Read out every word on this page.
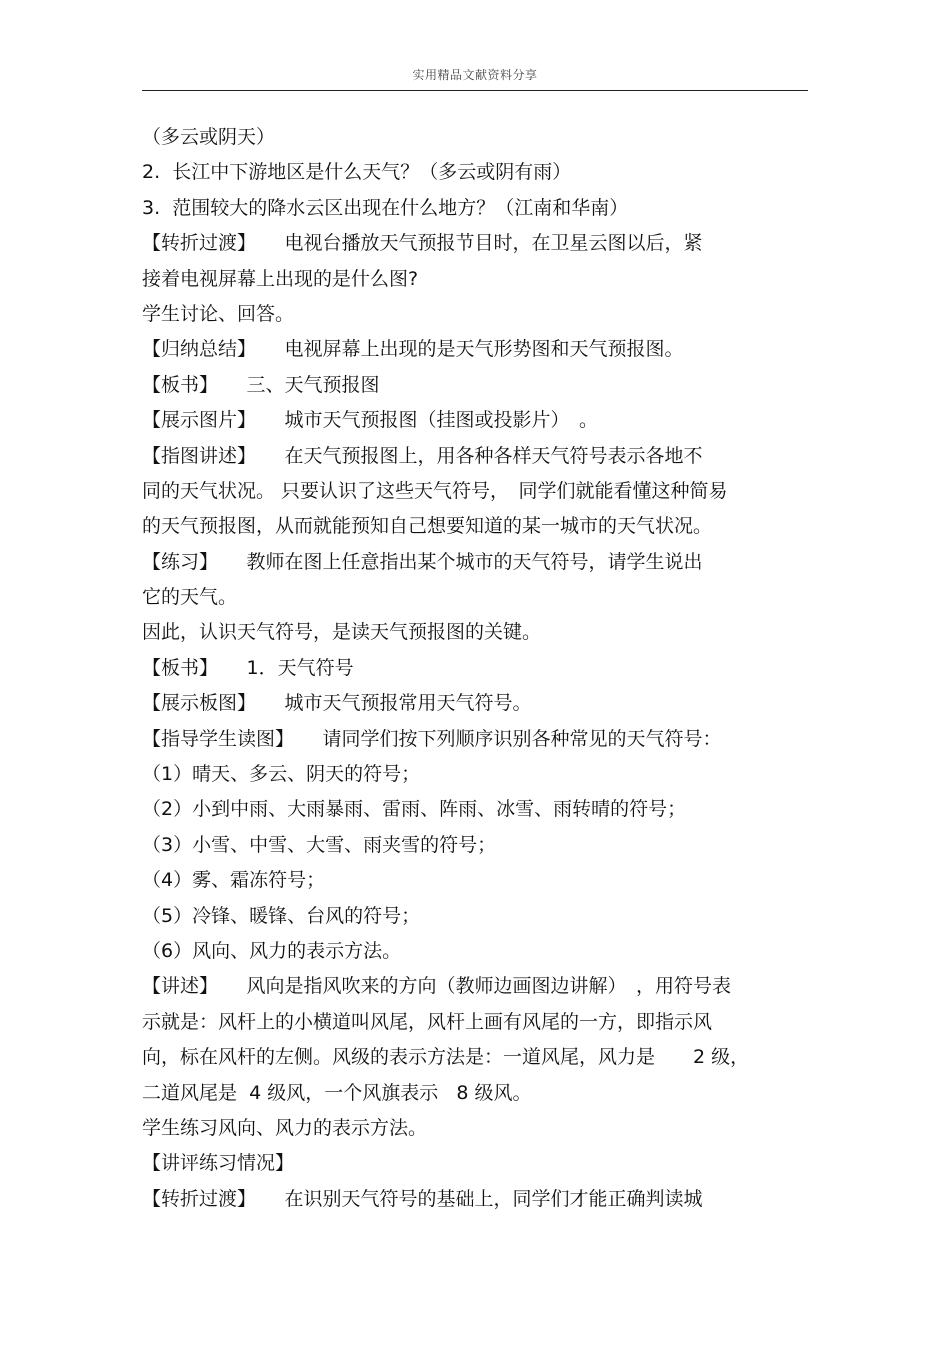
实用精品文献资料分享
（多云或阴天）
2.  长江中下游地区是什么天气？（多云或阴有雨）
3.  范围较大的降水云区出现在什么地方？（江南和华南）
【转折过渡】　　电视台播放天气预报节目时，在卫星云图以后，紧
接着电视屏幕上出现的是什么图?
学生讨论、回答。
【归纳总结】　　电视屏幕上出现的是天气形势图和天气预报图。
【板书】　　三、天气预报图
【展示图片】　　城市天气预报图（挂图或投影片）　。
【指图讲述】　　在天气预报图上，用各种各样天气符号表示各地不
同的天气状况。 只要认识了这些天气符号，　同学们就能看懂这种简易
的天气预报图，从而就能预知自己想要知道的某一城市的天气状况。
【练习】　　教师在图上任意指出某个城市的天气符号，请学生说出
它的天气。
因此，认识天气符号，是读天气预报图的关键。
【板书】　　1．天气符号
【展示板图】　　城市天气预报常用天气符号。
【指导学生读图】　　请同学们按下列顺序识别各种常见的天气符号：
（1）晴天、多云、阴天的符号；
（2）小到中雨、大雨暴雨、雷雨、阵雨、冰雪、雨转晴的符号；
（3）小雪、中雪、大雪、雨夹雪的符号；
（4）雾、霜冻符号；
（5）冷锋、暖锋、台风的符号；
（6）风向、风力的表示方法。
【讲述】　　风向是指风吹来的方向（教师边画图边讲解）　，用符号表
示就是：风杆上的小横道叫风尾，风杆上画有风尾的一方，即指示风
向，标在风杆的左侧。风级的表示方法是：一道风尾，风力是　　2 级，
二道风尾是  4 级风，一个风旗表示   8 级风。
学生练习风向、风力的表示方法。
【讲评练习情况】
【转折过渡】　　在识别天气符号的基础上，同学们才能正确判读城
